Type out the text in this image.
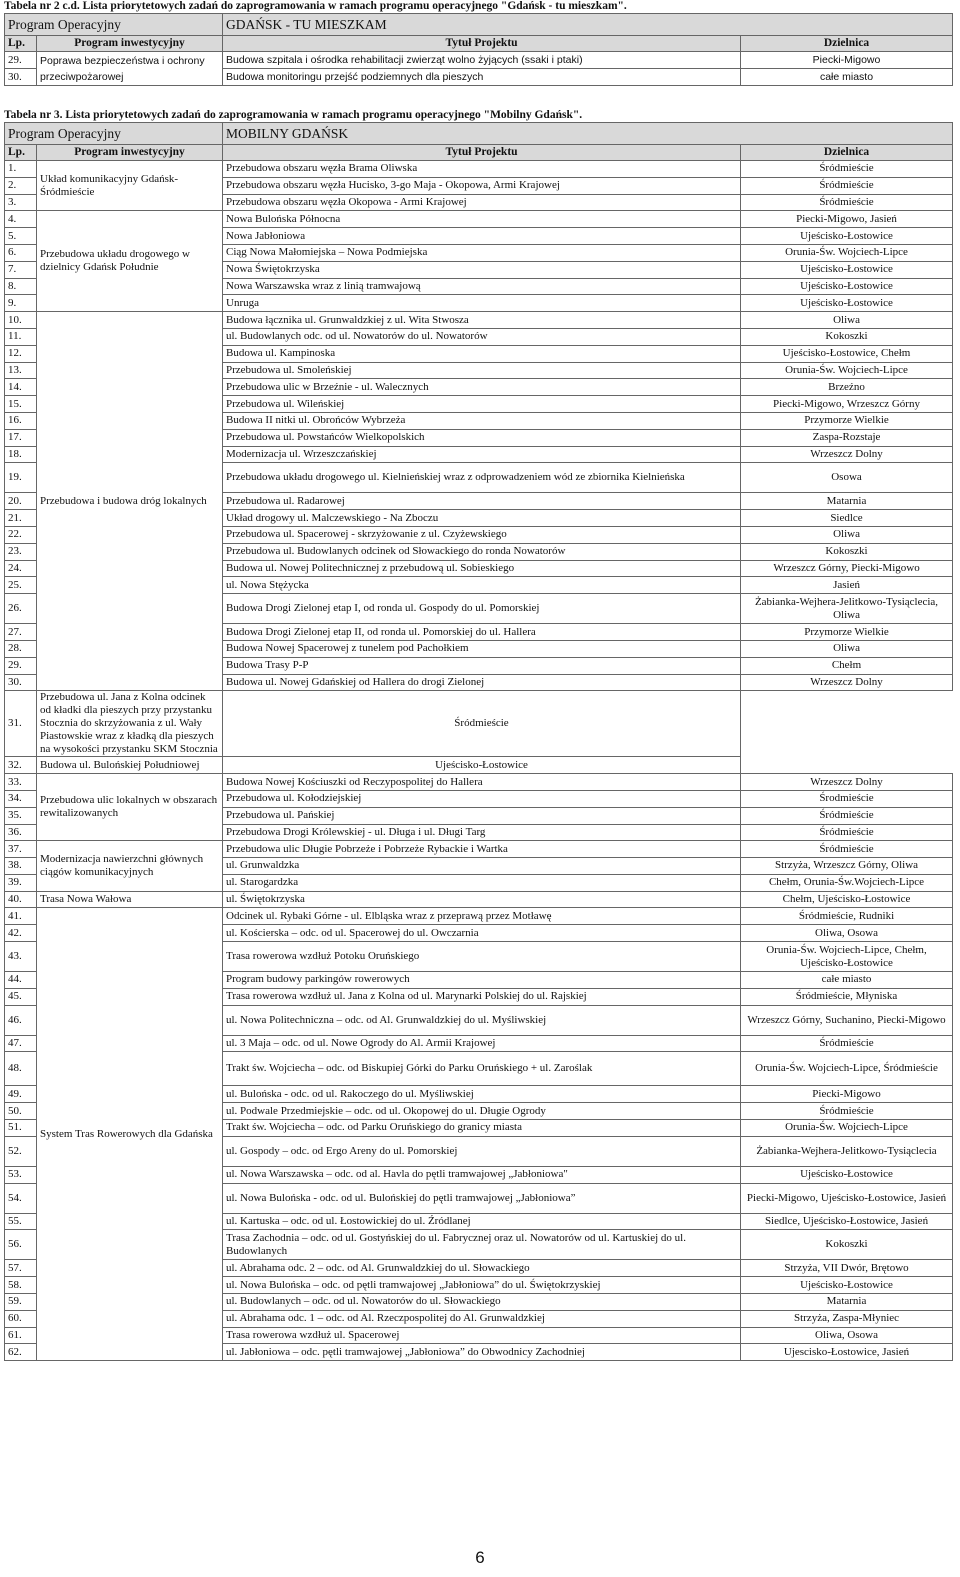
Tabela nr 2 c.d. Lista priorytetowych zadań do zaprogramowania w ramach programu operacyjnego "Gdańsk - tu mieszkam".
Program Operacyjny		GDAŃSK - TU MIESZKAM	
Lp.	Program inwestycyjny	Tytuł Projektu	Dzielnica
29.	Poprawa bezpieczeństwa i ochrony przeciwpożarowej	Budowa szpitala i ośrodka rehabilitacji zwierząt wolno żyjących (ssaki i ptaki)	Piecki-Migowo
30.		Budowa monitoringu przejść podziemnych dla pieszych	całe miasto
Tabela nr 3. Lista priorytetowych zadań do zaprogramowania w ramach programu operacyjnego "Mobilny Gdańsk".
Program Operacyjny		MOBILNY GDAŃSK	
Lp.	Program inwestycyjny	Tytuł Projektu	Dzielnica
1.	Układ komunikacyjny Gdańsk-Śródmieście	Przebudowa obszaru węzła Brama Oliwska	Śródmieście
2.		Przebudowa obszaru węzła Hucisko, 3-go Maja - Okopowa, Armi Krajowej	Śródmieście
3.		Przebudowa obszaru węzła Okopowa - Armi Krajowej	Śródmieście
4.	Przebudowa układu drogowego w dzielnicy Gdańsk Południe	Nowa Bulońska Północna	Piecki-Migowo, Jasień
5.		Nowa Jabłoniowa	Ujeścisko-Łostowice
6.		Ciąg Nowa Małomiejska – Nowa Podmiejska	Orunia-Św. Wojciech-Lipce
7.		Nowa Świętokrzyska	Ujeścisko-Łostowice
8.		Nowa Warszawska wraz z linią tramwajową	Ujeścisko-Łostowice
9.		Unruga	Ujeścisko-Łostowice
10.	Przebudowa i budowa dróg lokalnych	Budowa łącznika ul. Grunwaldzkiej z ul. Wita Stwosza	Oliwa
11.		ul. Budowlanych odc. od ul. Nowatorów do ul. Nowatorów	Kokoszki
12.		Budowa ul. Kampinoska	Ujeścisko-Łostowice, Chełm
13.		Przebudowa ul. Smoleńskiej	Orunia-Św. Wojciech-Lipce
14.		Przebudowa ulic w Brzeźnie - ul. Walecznych	Brzeźno
15.		Przebudowa ul. Wileńskiej	Piecki-Migowo, Wrzeszcz Górny
16.		Budowa II nitki ul. Obrońców Wybrzeża	Przymorze Wielkie
17.		Przebudowa ul. Powstańców Wielkopolskich	Zaspa-Rozstaje
18.		Modernizacja ul. Wrzeszczańskiej	Wrzeszcz Dolny
19.		Przebudowa układu drogowego ul. Kielnieńskiej wraz z odprowadzeniem wód ze zbiornika Kielnieńska	Osowa
20.		Przebudowa ul. Radarowej	Matarnia
21.		Układ drogowy ul. Malczewskiego - Na Zboczu	Siedlce
22.		Przebudowa ul. Spacerowej - skrzyżowanie z ul. Czyżewskiego	Oliwa
23.		Przebudowa ul. Budowlanych odcinek od Słowackiego do ronda Nowatorów	Kokoszki
24.		Budowa ul. Nowej Politechnicznej z przebudową ul. Sobieskiego	Wrzeszcz Górny, Piecki-Migowo
25.		ul. Nowa Stężycka	Jasień
26.		Budowa Drogi Zielonej etap I, od ronda ul. Gospody do ul. Pomorskiej	Żabianka-Wejhera-Jelitkowo-Tysiąclecia, Oliwa
27.		Budowa Drogi Zielonej etap II, od ronda ul. Pomorskiej do ul. Hallera	Przymorze Wielkie
28.		Budowa Nowej Spacerowej z tunelem pod Pachołkiem	Oliwa
29.		Budowa Trasy P-P	Chełm
30.		Budowa ul. Nowej Gdańskiej od Hallera do drogi Zielonej	Wrzeszcz Dolny
31.	Przebudowa ul. Jana z Kolna odcinek od kładki dla pieszych przy przystanku Stocznia do skrzyżowania z ul. Wały Piastowskie wraz z kładką dla pieszych na wysokości przystanku SKM Stocznia	Śródmieście	
32.	Budowa ul. Bulońskiej Południowej	Ujeścisko-Łostowice	
33.	Przebudowa ulic lokalnych w obszarach rewitalizowanych	Budowa Nowej Kościuszki od Reczypospolitej do Hallera	Wrzeszcz Dolny
34.		Przebudowa ul. Kołodziejskiej	Środmieście
35.		Przebudowa ul. Pańskiej	Śródmieście
36.		Przebudowa Drogi Królewskiej - ul. Długa i ul. Długi Targ	Śródmieście
37.	Modernizacja nawierzchni głównych ciągów komunikacyjnych	Przebudowa ulic Długie Pobrzeże i Pobrzeże Rybackie i Wartka	Śródmieście
38.		ul. Grunwaldzka	Strzyża, Wrzeszcz Górny, Oliwa
39.		ul. Starogardzka	Chełm, Orunia-Św.Wojciech-Lipce
40.	Trasa Nowa Wałowa	ul. Świętokrzyska	Chełm, Ujeścisko-Łostowice
41.	System Tras Rowerowych dla Gdańska	Odcinek ul. Rybaki Górne - ul. Elbląska wraz z przeprawą przez Motławę	Śródmieście, Rudniki
42.		ul. Kościerska – odc. od ul. Spacerowej do ul. Owczarnia	Oliwa, Osowa
43.		Trasa rowerowa wzdłuż Potoku Oruńskiego	Orunia-Św. Wojciech-Lipce, Chełm, Ujeścisko-Łostowice
44.		Program budowy parkingów rowerowych	całe miasto
45.		Trasa rowerowa wzdłuż ul. Jana z Kolna od ul. Marynarki Polskiej do ul. Rajskiej	Śródmieście, Młyniska
46.		ul. Nowa Politechniczna – odc. od Al. Grunwaldzkiej do ul. Myśliwskiej	Wrzeszcz Górny, Suchanino, Piecki-Migowo
47.		ul. 3 Maja – odc. od ul. Nowe Ogrody do Al. Armii Krajowej	Śródmieście
48.		Trakt św. Wojciecha – odc. od Biskupiej Górki do Parku Oruńskiego + ul. Zaroślak	Orunia-Św. Wojciech-Lipce, Śródmieście
49.		ul. Bulońska - odc. od ul. Rakoczego do ul. Myśliwskiej	Piecki-Migowo
50.		ul. Podwale Przedmiejskie – odc. od ul. Okopowej do ul. Długie Ogrody	Śródmieście
51.		Trakt św. Wojciecha – odc. od Parku Oruńskiego do granicy miasta	Orunia-Św. Wojciech-Lipce
52.		ul. Gospody – odc. od Ergo Areny do ul. Pomorskiej	Żabianka-Wejhera-Jelitkowo-Tysiąclecia
53.		ul. Nowa Warszawska – odc. od al. Havla do pętli tramwajowej „Jabłoniowa"	Ujeścisko-Łostowice
54.		ul. Nowa Bulońska - odc. od ul. Bulońskiej do pętli tramwajowej „Jabłoniowa”	Piecki-Migowo, Ujeścisko-Łostowice, Jasień
55.		ul. Kartuska – odc. od ul. Łostowickiej do ul. Źródlanej	Siedlce, Ujeścisko-Łostowice, Jasień
56.		Trasa Zachodnia – odc. od ul. Gostyńskiej do ul. Fabrycznej oraz ul. Nowatorów od ul. Kartuskiej do ul. Budowlanych	Kokoszki
57.		ul. Abrahama odc. 2 – odc. od Al. Grunwaldzkiej do ul. Słowackiego	Strzyża, VII Dwór, Brętowo
58.		ul. Nowa Bulońska – odc. od pętli tramwajowej „Jabłoniowa” do ul. Świętokrzyskiej	Ujeścisko-Łostowice
59.		ul. Budowlanych – odc. od ul. Nowatorów do ul. Słowackiego	Matarnia
60.		ul. Abrahama odc. 1 – odc. od Al. Rzeczpospolitej do Al. Grunwaldzkiej	Strzyża, Zaspa-Młyniec
61.		Trasa rowerowa wzdłuż ul. Spacerowej	Oliwa, Osowa
62.		ul. Jabłoniowa – odc. pętli tramwajowej „Jabłoniowa” do Obwodnicy Zachodniej	Ujescisko-Łostowice, Jasień
6
